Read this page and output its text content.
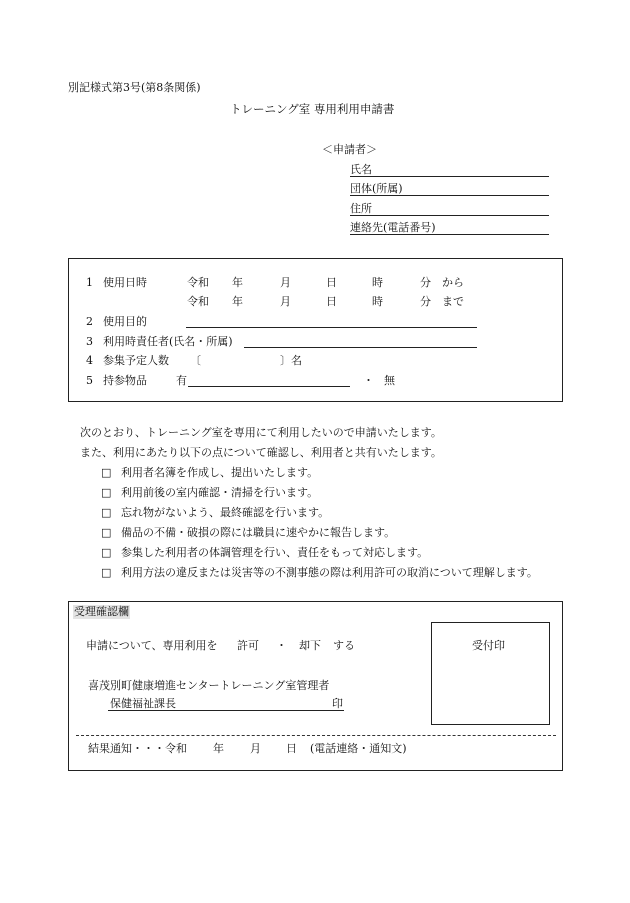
別記様式第3号(第8条関係)
トレーニング室 専用利用申請書
＜申請者＞
氏名
団体(所属)
住所
連絡先(電話番号)
1 使用日時	令和 年	月	日	時	分 から
令和 年	月	日	時	分 まで
2 使用目的
3 利用時責任者(氏名・所属)
4 参集予定人数 〔	〕名
5 持参物品	有	・ 無
次のとおり、トレーニング室を専用にて利用したいので申請いたします。
また、利用にあたり以下の点について確認し、利用者と共有いたします。
□ 利用者名簿を作成し、提出いたします。
□ 利用前後の室内確認・清掃を行います。
□ 忘れ物がないよう、最終確認を行います。
□ 備品の不備・破損の際には職員に速やかに報告します。
□ 参集した利用者の体調管理を行い、責任をもって対応します。
□ 利用方法の違反または災害等の不測事態の際は利用許可の取消について理解します。
受理確認欄
申請について、専用利用を 許可 ・ 却下 する
喜茂別町健康増進センタートレーニング室管理者
保健福祉課長	印
受付印
結果通知・・・令和 年 月 日 (電話連絡・通知文)
